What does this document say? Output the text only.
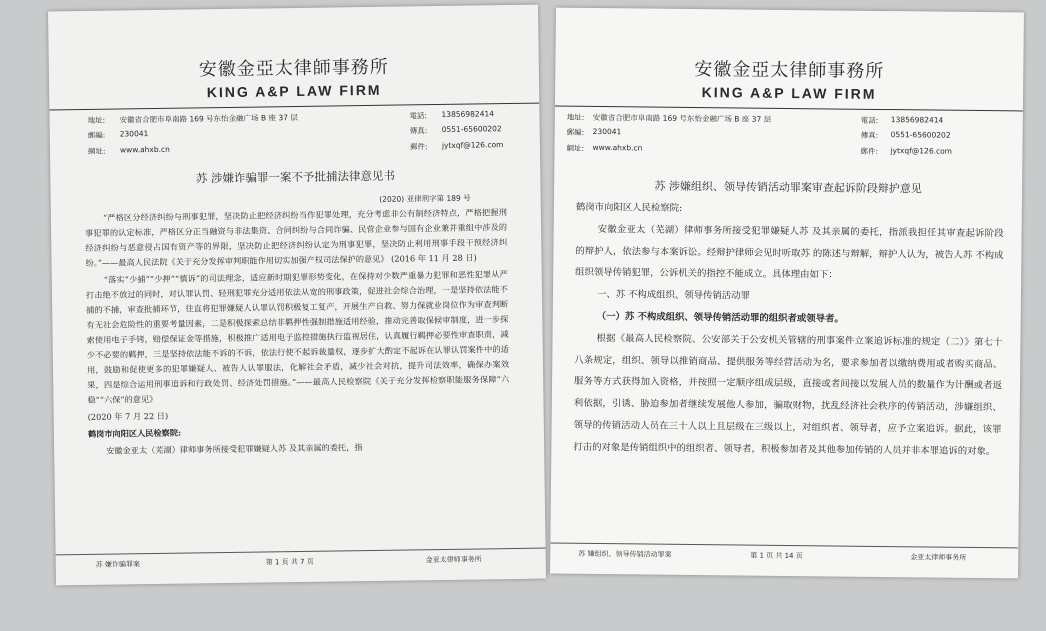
安徽金亞太律師事務所
KING A&P LAW FIRM
地址: 安徽省合肥市阜南路 169 号东怡金融广场 B 座 37 层	電話: 13856982414
郵編: 230041	傳真: 0551-65600202
網址: www.ahxb.cn	郵件: jytxqf@126.com
苏 涉嫌诈骗罪一案不予批捕法律意见书
(2020) 亚律刑字第 189 号

“严格区分经济纠纷与刑事犯罪，坚决防止把经济纠纷当作犯罪处理，充分考虑非公有制经济特点，严格把握刑事犯罪的认定标准，严格区分正当融资与非法集资、合同纠纷与合同诈骗、民营企业参与国有企业兼并重组中涉及的经济纠纷与恶意侵占国有资产等的界限，坚决防止把经济纠纷认定为刑事犯罪，坚决防止利用刑事手段干预经济纠纷。”——最高人民法院《关于充分发挥审判职能作用切实加强产权司法保护的意见》 (2016 年 11 月 28 日)

“落实“少捕”“少押”“慎诉”的司法理念，适应新时期犯罪形势变化，在保持对少数严重暴力犯罪和恶性犯罪从严打击绝不放过的同时，对认罪认罚、轻刑犯罪充分适用依法从宽的刑事政策，促进社会综合治理，一是坚持依法能不捕的不捕，审查批捕环节，往直将犯罪嫌疑人认罪认罚积极复工复产，开展生产自救、努力保就业岗位作为审查判断有无社会危险性的重要考量因素，二是积极探索总结非羁押性强制措施适用经验，推动完善取保候审制度，进一步探索使用电子手铐，赔偿保证金等措施，积极推广适用电子监控措施执行监视居住，认真履行羁押必要性审查职责，减少不必要的羁押，三是坚持依法能不诉的不诉，依法行使不起诉裁量权，逐步扩大酌定不起诉在认罪认罚案件中的适用，鼓励和促使更多的犯罪嫌疑人、被告人认罪服法，化解社会矛盾，减少社会对抗，提升司法效率，确保办案效果，四是综合运用刑事追诉和行政处罚、经济处罚措施。”——最高人民检察院《关于充分发挥检察职能服务保障“六稳”“六保”的意见》

(2020 年 7 月 22 日)

鹤岗市向阳区人民检察院:

安徽金亚太（芜湖）律师事务所接受犯罪嫌疑人苏 及其亲属的委托，指

苏 嫌诈骗罪案	第 1 页 共 7 页	金亚太律师事务所
安徽金亞太律師事務所
KING A&P LAW FIRM
地址: 安徽省合肥市阜南路 169 号东怡金融广场 B 座 37 层	電話: 13856982414
郵編: 230041	傳真: 0551-65600202
網址: www.ahxb.cn	郵件: jytxqf@126.com
苏 涉嫌组织、领导传销活动罪案审查起诉阶段辩护意见

鹤岗市向阳区人民检察院:

安徽金亚太（芜湖）律师事务所接受犯罪嫌疑人苏 及其亲属的委托，指派我担任其审查起诉阶段的辩护人，依法参与本案诉讼。经辩护律师会见时听取苏 的陈述与辩解，辩护人认为，被告人苏 不构成组织领导传销犯罪，公诉机关的指控不能成立。具体理由如下：

一、苏 不构成组织、领导传销活动罪

（一）苏 不构成组织、领导传销活动罪的组织者或领导者。

根据《最高人民检察院、公安部关于公安机关管辖的刑事案件立案追诉标准的规定（二）》第七十八条规定，组织、领导以推销商品、提供服务等经营活动为名，要求参加者以缴纳费用或者购买商品、服务等方式获得加入资格，并按照一定顺序组成层级，直接或者间接以发展人员的数量作为计酬或者返利依据，引诱、胁迫参加者继续发展他人参加，骗取财物，扰乱经济社会秩序的传销活动，涉嫌组织、领导的传销活动人员在三十人以上且层级在三级以上，对组织者、领导者，应予立案追诉。据此，该罪打击的对象是传销组织中的组织者、领导者，积极参加者及其他参加传销的人员并非本罪追诉的对象。

苏 嫌组织、领导传销活动罪案	第 1 页 共 14 页	金亚太律师事务所
